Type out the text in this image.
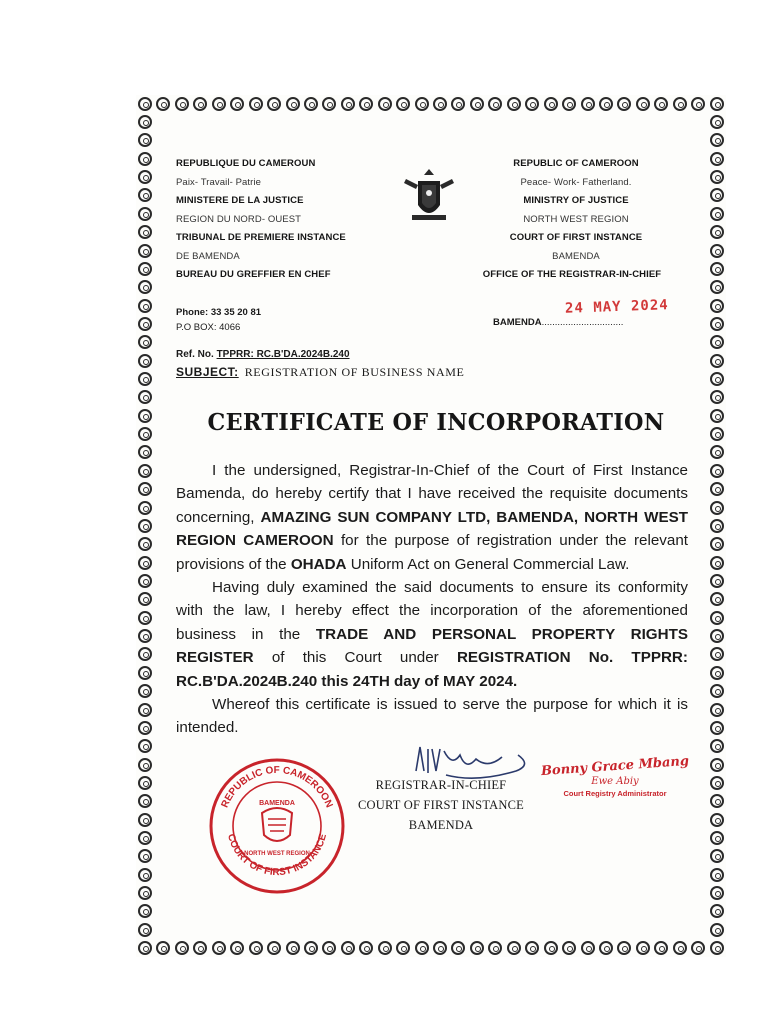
REPUBLIQUE DU CAMEROUN
Paix- Travail- Patrie
MINISTERE DE LA JUSTICE
REGION DU NORD- OUEST
TRIBUNAL DE PREMIERE INSTANCE
DE BAMENDA
BUREAU DU GREFFIER EN CHEF
REPUBLIC OF CAMEROON
Peace- Work- Fatherland.
MINISTRY OF JUSTICE
NORTH WEST REGION
COURT OF FIRST INSTANCE
BAMENDA
OFFICE OF THE REGISTRAR-IN-CHIEF
Phone: 33 35 20 81
P.O BOX: 4066
24 MAY 2024
BAMENDA...............................
Ref. No. TPPRR: RC.B'DA.2024B.240
SUBJECT: REGISTRATION OF BUSINESS NAME
CERTIFICATE OF INCORPORATION

I the undersigned, Registrar-In-Chief of the Court of First Instance Bamenda, do hereby certify that I have received the requisite documents concerning, AMAZING SUN COMPANY LTD, BAMENDA, NORTH WEST REGION CAMEROON for the purpose of registration under the relevant provisions of the OHADA Uniform Act on General Commercial Law.

Having duly examined the said documents to ensure its conformity with the law, I hereby effect the incorporation of the aforementioned business in the TRADE AND PERSONAL PROPERTY RIGHTS REGISTER of this Court under REGISTRATION No. TPPRR: RC.B'DA.2024B.240 this 24TH day of MAY 2024.

Whereof this certificate is issued to serve the purpose for which it is intended.

REPUBLIC OF CAMEROON
COURT OF FIRST INSTANCE
BAMENDA
NORTH WEST REGION
REGISTRAR-IN-CHIEF
COURT OF FIRST INSTANCE
BAMENDA
Bonny Grace Mbang
Ewe Abiy
Court Registry Administrator
